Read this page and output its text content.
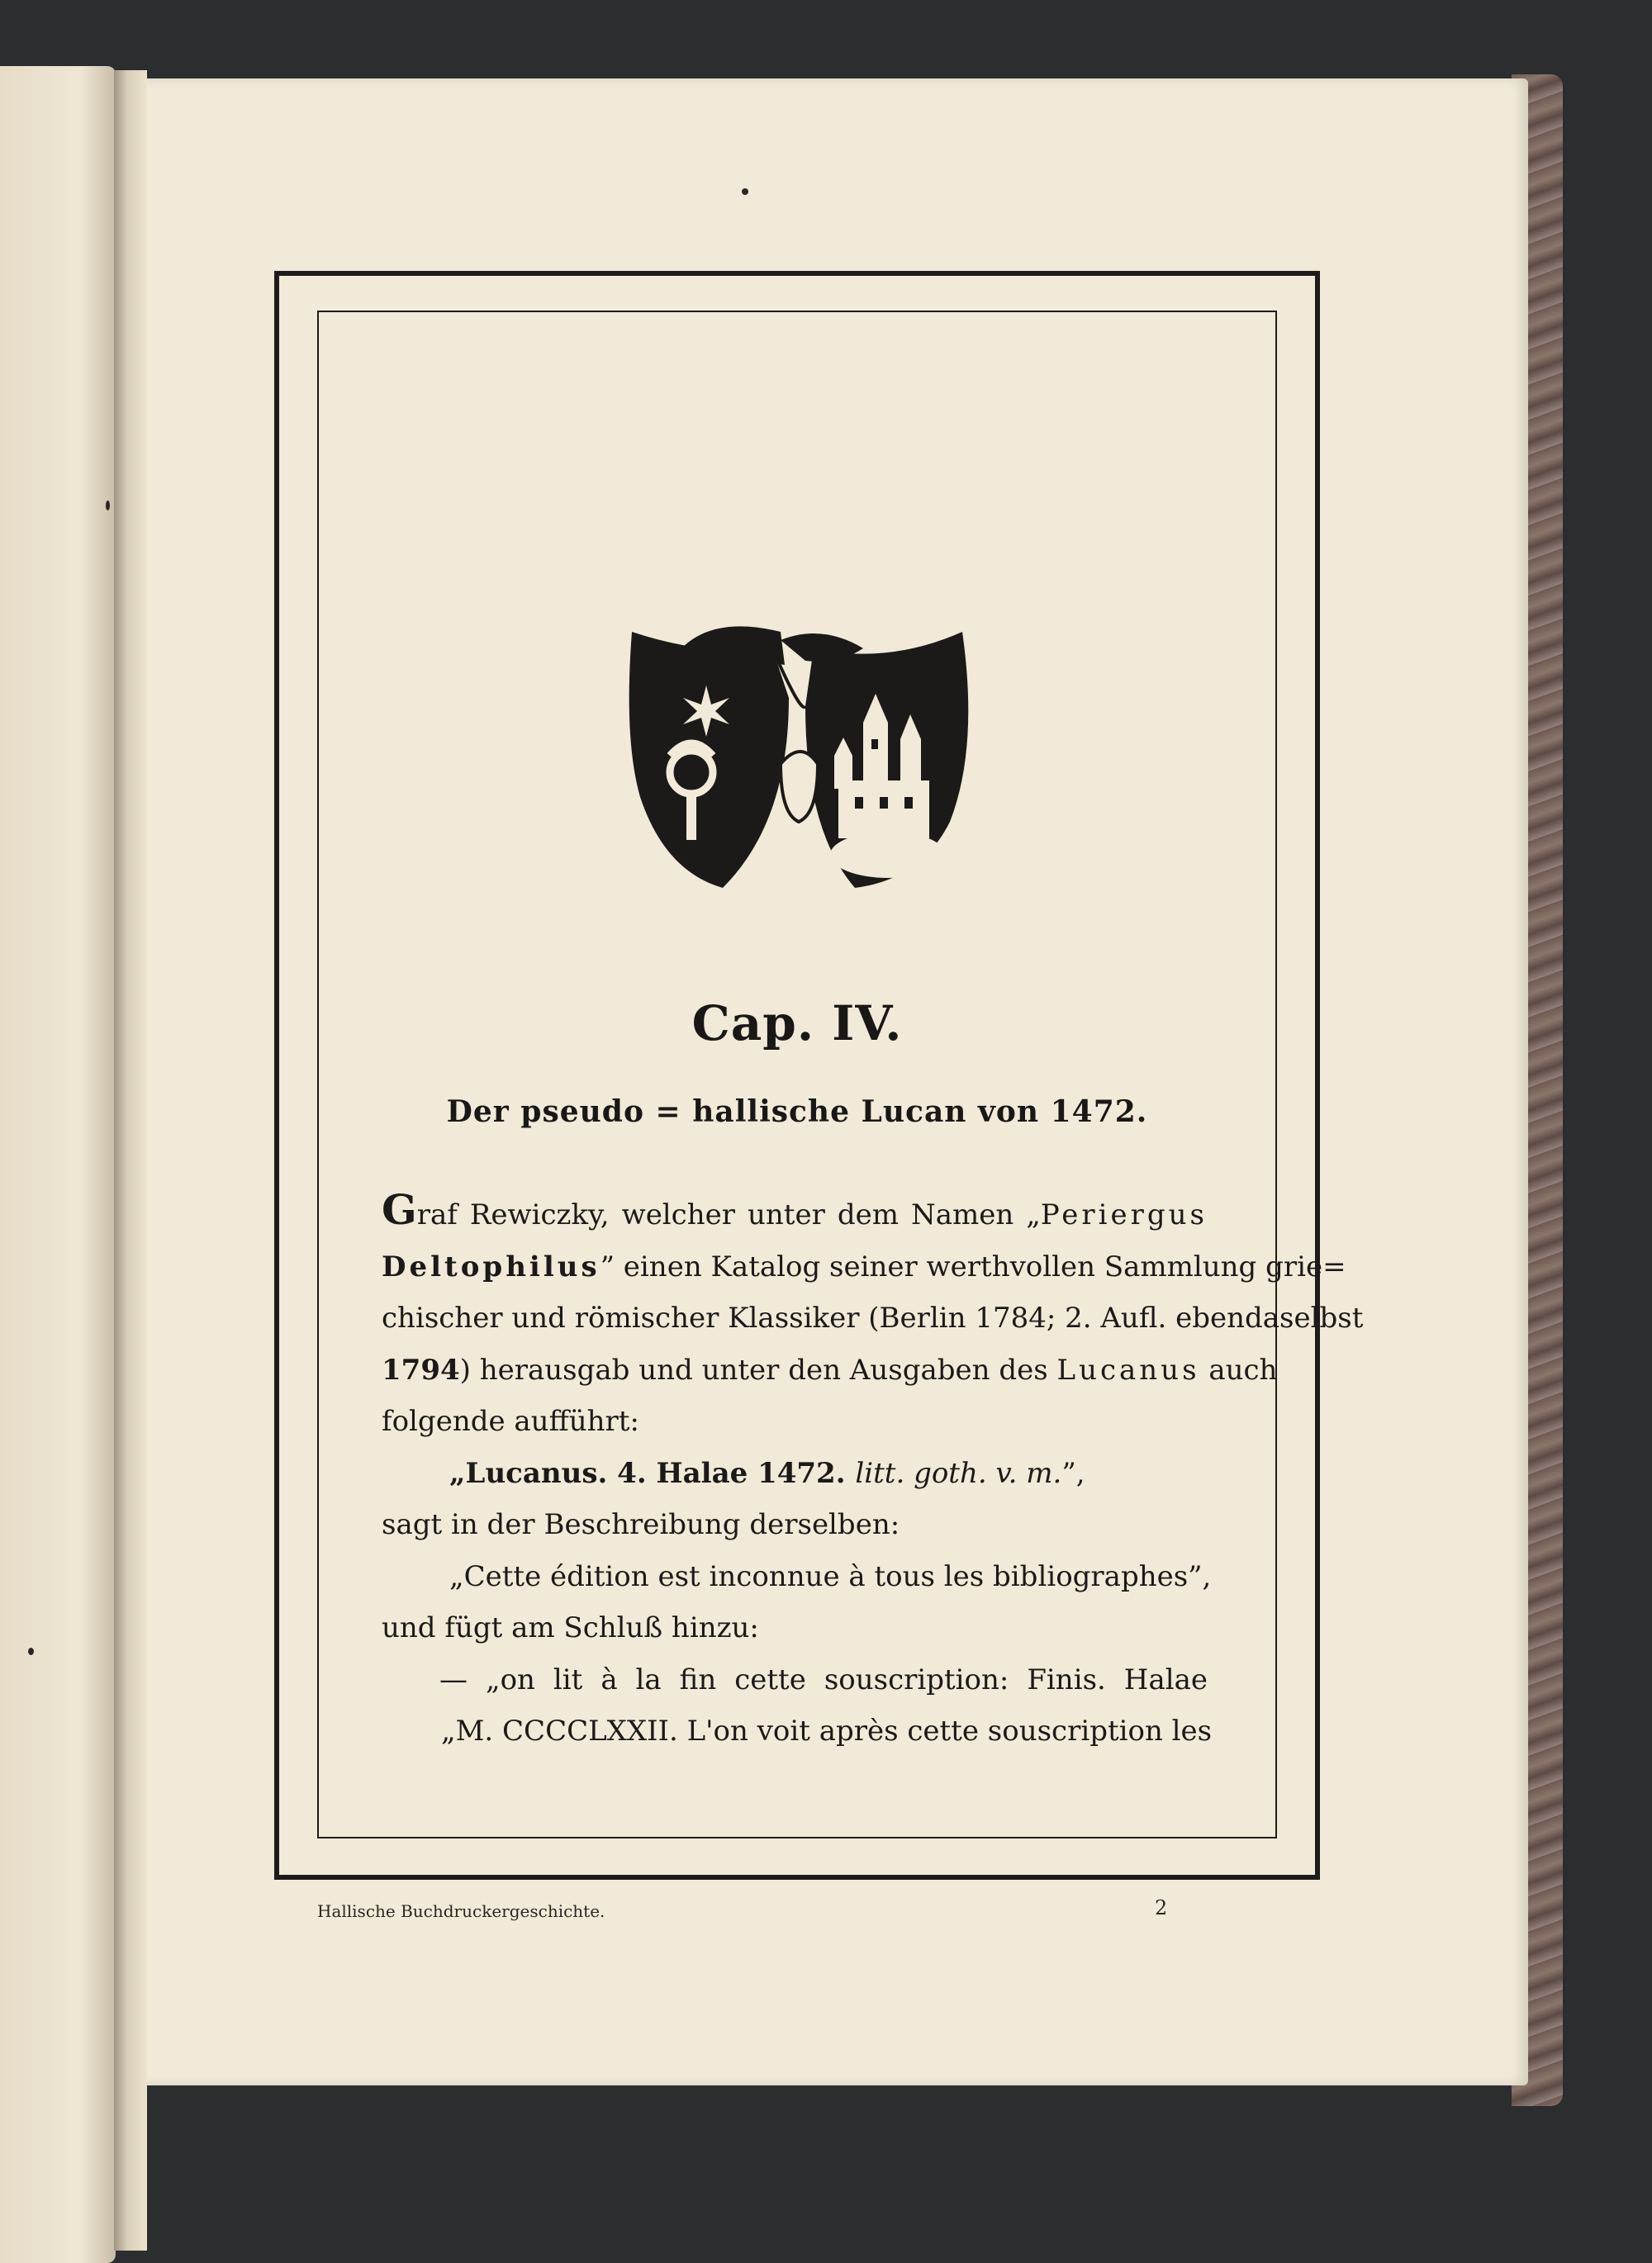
Cap. IV.
Der pseudo = hallische Lucan von 1472.
Graf Rewiczky, welcher unter dem Namen „Periergus
Deltophilus” einen Katalog seiner werthvollen Sammlung grie=
chischer und römischer Klassiker (Berlin 1784; 2. Aufl. ebendaselbst
1794) herausgab und unter den Ausgaben des Lucanus auch
folgende aufführt:
„Lucanus. 4. Halae 1472. litt. goth. v. m.”,
sagt in der Beschreibung derselben:
„Cette édition est inconnue à tous les bibliographes”,
und fügt am Schluß hinzu:
— „on lit à la fin cette souscription: Finis. Halae
„M. CCCCLXXII. L'on voit après cette souscription les
Hallische Buchdruckergeschichte.	2
